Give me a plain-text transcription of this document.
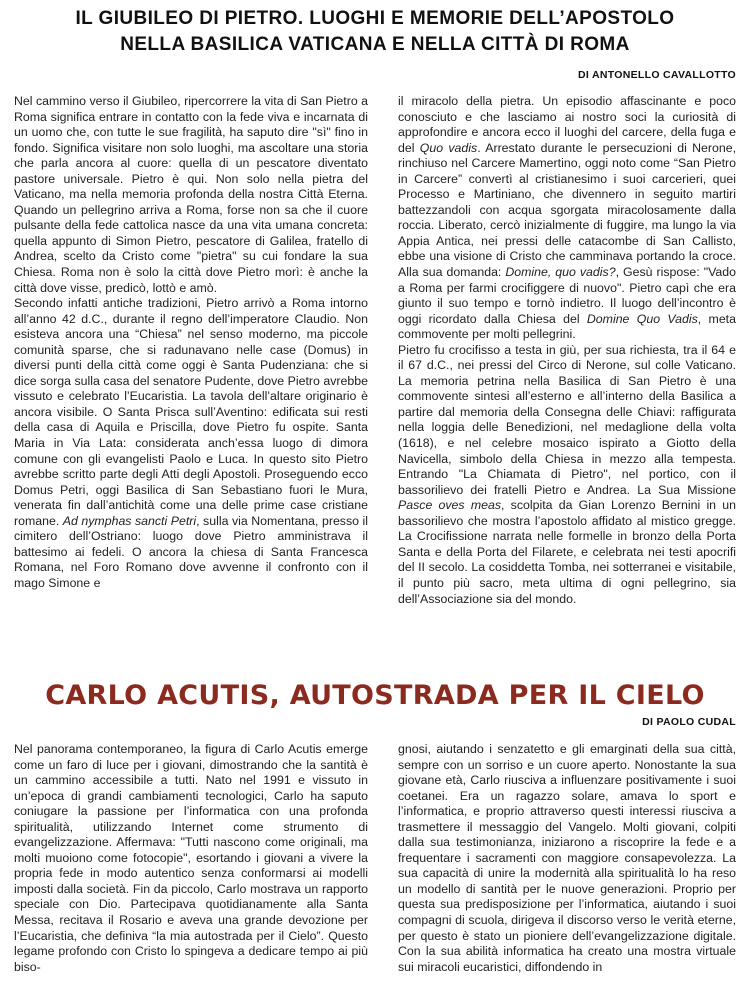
IL GIUBILEO DI PIETRO. LUOGHI E MEMORIE DELL’APOSTOLO
NELLA BASILICA VATICANA E NELLA CITTÀ DI ROMA
DI ANTONELLO CAVALLOTTO

Nel cammino verso il Giubileo, ripercorrere la vita di San Pietro a Roma significa entrare in contatto con la fede viva e incarnata di un uomo che, con tutte le sue fragilità, ha saputo dire "sì" fino in fondo. Significa visitare non solo luoghi, ma ascoltare una storia che parla ancora al cuore: quella di un pescatore diventato pastore universale. Pietro è qui. Non solo nella pietra del Vaticano, ma nella memoria profonda della nostra Città Eterna. Quando un pellegrino arriva a Roma, forse non sa che il cuore pulsante della fede cattolica nasce da una vita umana concreta: quella appunto di Simon Pietro, pescatore di Galilea, fratello di Andrea, scelto da Cristo come "pietra" su cui fondare la sua Chiesa. Roma non è solo la città dove Pietro morì: è anche la città dove visse, predicò, lottò e amò.

Secondo infatti antiche tradizioni, Pietro arrivò a Roma intorno all’anno 42 d.C., durante il regno dell’imperatore Claudio. Non esisteva ancora una “Chiesa” nel senso moderno, ma piccole comunità sparse, che si radunavano nelle case (Domus) in diversi punti della città come oggi è Santa Pudenziana: che si dice sorga sulla casa del senatore Pudente, dove Pietro avrebbe vissuto e celebrato l’Eucaristia. La tavola dell’altare originario è ancora visibile. O Santa Prisca sull’Aventino: edificata sui resti della casa di Aquila e Priscilla, dove Pietro fu ospite. Santa Maria in Via Lata: considerata anch’essa luogo di dimora comune con gli evangelisti Paolo e Luca. In questo sito Pietro avrebbe scritto parte degli Atti degli Apostoli. Proseguendo ecco Domus Petri, oggi Basilica di San Sebastiano fuori le Mura, venerata fin dall’antichità come una delle prime case cristiane romane. Ad nymphas sancti Petri, sulla via Nomentana, presso il cimitero dell’Ostriano: luogo dove Pietro amministrava il battesimo ai fedeli. O ancora la chiesa di Santa Francesca Romana, nel Foro Romano dove avvenne il confronto con il mago Simone e

il miracolo della pietra. Un episodio affascinante e poco conosciuto e che lasciamo ai nostro soci la curiosità di approfondire e ancora ecco il luoghi del carcere, della fuga e del Quo vadis. Arrestato durante le persecuzioni di Nerone, rinchiuso nel Carcere Mamertino, oggi noto come “San Pietro in Carcere” convertì al cristianesimo i suoi carcerieri, quei Processo e Martiniano, che divennero in seguito martiri battezzandoli con acqua sgorgata miracolosamente dalla roccia. Liberato, cercò inizialmente di fuggire, ma lungo la via Appia Antica, nei pressi delle catacombe di San Callisto, ebbe una visione di Cristo che camminava portando la croce. Alla sua domanda: Domine, quo vadis?, Gesù rispose: "Vado a Roma per farmi crocifiggere di nuovo". Pietro capì che era giunto il suo tempo e tornò indietro. Il luogo dell’incontro è oggi ricordato dalla Chiesa del Domine Quo Vadis, meta commovente per molti pellegrini.

Pietro fu crocifisso a testa in giù, per sua richiesta, tra il 64 e il 67 d.C., nei pressi del Circo di Nerone, sul colle Vaticano. La memoria petrina nella Basilica di San Pietro è una commovente sintesi all’esterno e all’interno della Basilica a partire dal memoria della Consegna delle Chiavi: raffigurata nella loggia delle Benedizioni, nel medaglione della volta (1618), e nel celebre mosaico ispirato a Giotto della Navicella, simbolo della Chiesa in mezzo alla tempesta. Entrando "La Chiamata di Pietro", nel portico, con il bassorilievo dei fratelli Pietro e Andrea. La Sua Missione Pasce oves meas, scolpita da Gian Lorenzo Bernini in un bassorilievo che mostra l’apostolo affidato al mistico gregge. La Crocifissione narrata nelle formelle in bronzo della Porta Santa e della Porta del Filarete, e celebrata nei testi apocrifi del II secolo. La cosiddetta Tomba, nei sotterranei e visitabile, il punto più sacro, meta ultima di ogni pellegrino, sia dell’Associazione sia del mondo.

CARLO ACUTIS, AUTOSTRADA PER IL CIELO
DI PAOLO CUDAL

Nel panorama contemporaneo, la figura di Carlo Acutis emerge come un faro di luce per i giovani, dimostrando che la santità è un cammino accessibile a tutti. Nato nel 1991 e vissuto in un’epoca di grandi cambiamenti tecnologici, Carlo ha saputo coniugare la passione per l’informatica con una profonda spiritualità, utilizzando Internet come strumento di evangelizzazione. Affermava: "Tutti nascono come originali, ma molti muoiono come fotocopie", esortando i giovani a vivere la propria fede in modo autentico senza conformarsi ai modelli imposti dalla società. Fin da piccolo, Carlo mostrava un rapporto speciale con Dio. Partecipava quotidianamente alla Santa Messa, recitava il Rosario e aveva una grande devozione per l’Eucaristia, che definiva “la mia autostrada per il Cielo”. Questo legame profondo con Cristo lo spingeva a dedicare tempo ai più biso-

gnosi, aiutando i senzatetto e gli emarginati della sua città, sempre con un sorriso e un cuore aperto. Nonostante la sua giovane età, Carlo riusciva a influenzare positivamente i suoi coetanei. Era un ragazzo solare, amava lo sport e l’informatica, e proprio attraverso questi interessi riusciva a trasmettere il messaggio del Vangelo. Molti giovani, colpiti dalla sua testimonianza, iniziarono a riscoprire la fede e a frequentare i sacramenti con maggiore consapevolezza. La sua capacità di unire la modernità alla spiritualità lo ha reso un modello di santità per le nuove generazioni. Proprio per questa sua predisposizione per l’informatica, aiutando i suoi compagni di scuola, dirigeva il discorso verso le verità eterne, per questo è stato un pioniere dell’evangelizzazione digitale. Con la sua abilità informatica ha creato una mostra virtuale sui miracoli eucaristici, diffondendo in
